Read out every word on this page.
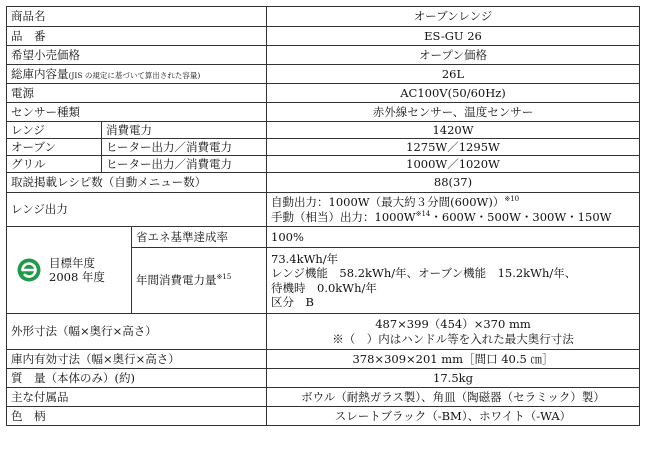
商品名			オーブンレンジ
品　番			ES-GU 26
希望小売価格			オープン価格
総庫内容量(JIS の規定に基づいて算出された容量)			26L
電源			AC100V(50/60Hz)
センサー種類			赤外線センサー、温度センサー
レンジ	消費電力		1420W
オーブン	ヒーター出力／消費電力		1275W／1295W
グリル	ヒーター出力／消費電力		1000W／1020W
取説掲載レシピ数（自動メニュー数）			88(37)
レンジ出力			自動出力：1000W（最大約３分間(600W)）$^{※10}$
手動（相当）出力：$1000W^{※14}$・600W・500W・300W・150W

目標年度
2008 年度		省エネ基準達成率	100%
		年間消費電力量$^{※15}$	73.4kWh/年
レンジ機能　58.2kWh/年、オーブン機能　15.2kWh/年、
待機時　0.0kWh/年
区分　B

外形寸法（幅×奥行×高さ）			487×399（454）×370 mm
※（　）内はハンドル等を入れた最大奥行寸法

庫内有効寸法（幅×奥行×高さ）			378×309×201 mm［間口 40.5 ㎝］
質　量（本体のみ）(約)			17.5kg
主な付属品			ボウル（耐熱ガラス製）、角皿（陶磁器（セラミック）製）
色　柄			スレートブラック（-BM）、ホワイト（-WA）
